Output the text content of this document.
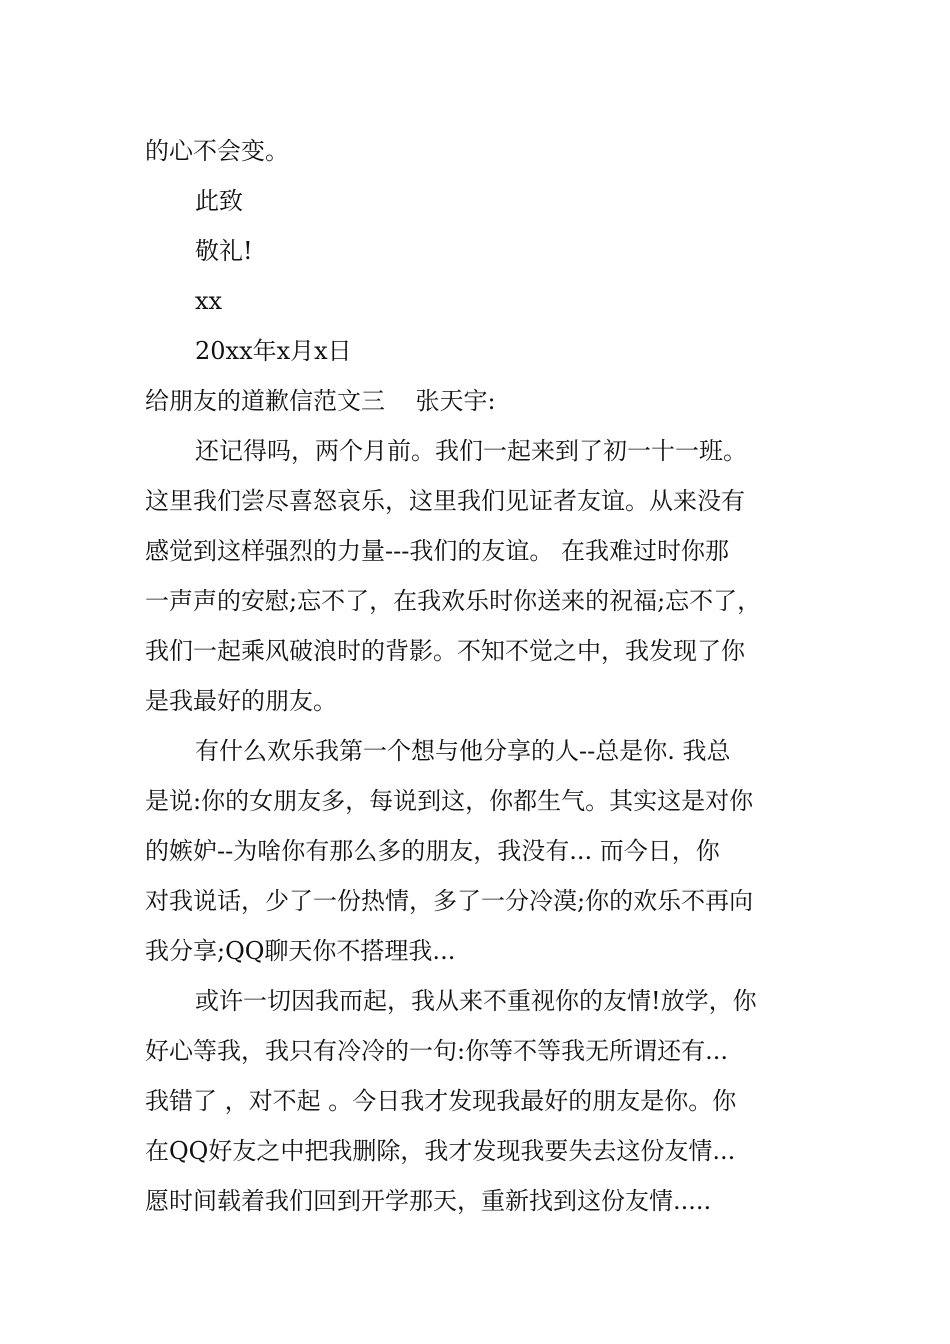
的心不会变。
此致
敬礼!
xx
20xx年x月x日
给朋友的道歉信范文三    张天宇:
还记得吗，两个月前。我们一起来到了初一十一班。
这里我们尝尽喜怒哀乐，这里我们见证者友谊。从来没有
感觉到这样强烈的力量---我们的友谊。 在我难过时你那
一声声的安慰;忘不了，在我欢乐时你送来的祝福;忘不了，
我们一起乘风破浪时的背影。不知不觉之中，我发现了你
是我最好的朋友。
有什么欢乐我第一个想与他分享的人--总是你. 我总
是说:你的女朋友多，每说到这，你都生气。其实这是对你
的嫉妒--为啥你有那么多的朋友，我没有... 而今日，你
对我说话，少了一份热情，多了一分冷漠;你的欢乐不再向
我分享;QQ聊天你不搭理我...
或许一切因我而起，我从来不重视你的友情!放学，你
好心等我，我只有冷冷的一句:你等不等我无所谓还有...
我错了 ，对不起 。今日我才发现我最好的朋友是你。你
在QQ好友之中把我删除，我才发现我要失去这份友情...
愿时间载着我们回到开学那天，重新找到这份友情.....
